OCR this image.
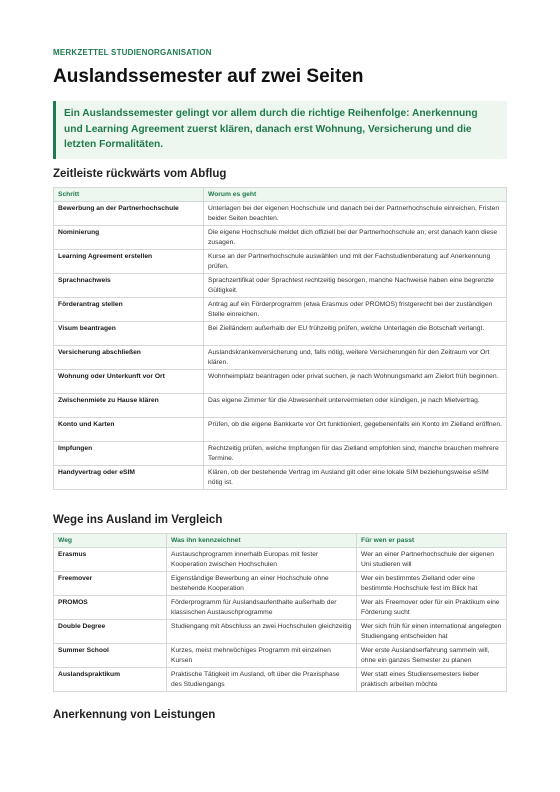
MERKZETTEL STUDIENORGANISATION
Auslandssemester auf zwei Seiten
Ein Auslandssemester gelingt vor allem durch die richtige Reihenfolge: Anerkennung und Learning Agreement zuerst klären, danach erst Wohnung, Versicherung und die letzten Formalitäten.
Zeitleiste rückwärts vom Abflug
Schritt	Worum es geht
Bewerbung an der Partnerhochschule	Unterlagen bei der eigenen Hochschule und danach bei der Partnerhochschule einreichen, Fristen beider Seiten beachten.
Nominierung	Die eigene Hochschule meldet dich offiziell bei der Partnerhochschule an, erst danach kann diese zusagen.
Learning Agreement erstellen	Kurse an der Partnerhochschule auswählen und mit der Fachstudienberatung auf Anerkennung prüfen.
Sprachnachweis	Sprachzertifikat oder Sprachtest rechtzeitig besorgen, manche Nachweise haben eine begrenzte Gültigkeit.
Förderantrag stellen	Antrag auf ein Förderprogramm (etwa Erasmus oder PROMOS) fristgerecht bei der zuständigen Stelle einreichen.
Visum beantragen	Bei Zielländern außerhalb der EU frühzeitig prüfen, welche Unterlagen die Botschaft verlangt.
Versicherung abschließen	Auslandskrankenversicherung und, falls nötig, weitere Versicherungen für den Zeitraum vor Ort klären.
Wohnung oder Unterkunft vor Ort	Wohnheimplatz beantragen oder privat suchen, je nach Wohnungsmarkt am Zielort früh beginnen.
Zwischenmiete zu Hause klären	Das eigene Zimmer für die Abwesenheit untervermieten oder kündigen, je nach Mietvertrag.
Konto und Karten	Prüfen, ob die eigene Bankkarte vor Ort funktioniert, gegebenenfalls ein Konto im Zielland eröffnen.
Impfungen	Rechtzeitig prüfen, welche Impfungen für das Zielland empfohlen sind, manche brauchen mehrere Termine.
Handyvertrag oder eSIM	Klären, ob der bestehende Vertrag im Ausland gilt oder eine lokale SIM beziehungsweise eSIM nötig ist.
Wege ins Ausland im Vergleich
Weg	Was ihn kennzeichnet	Für wen er passt
Erasmus	Austauschprogramm innerhalb Europas mit fester Kooperation zwischen Hochschulen	Wer an einer Partnerhochschule der eigenen Uni studieren will
Freemover	Eigenständige Bewerbung an einer Hochschule ohne bestehende Kooperation	Wer ein bestimmtes Zielland oder eine bestimmte Hochschule fest im Blick hat
PROMOS	Förderprogramm für Auslandsaufenthalte außerhalb der klassischen Austauschprogramme	Wer als Freemover oder für ein Praktikum eine Förderung sucht
Double Degree	Studiengang mit Abschluss an zwei Hochschulen gleichzeitig	Wer sich früh für einen international angelegten Studiengang entscheiden hat
Summer School	Kurzes, meist mehrwöchiges Programm mit einzelnen Kursen	Wer erste Auslandserfahrung sammeln will, ohne ein ganzes Semester zu planen
Auslandspraktikum	Praktische Tätigkeit im Ausland, oft über die Praxisphase des Studiengangs	Wer statt eines Studiensemesters lieber praktisch arbeiten möchte
Anerkennung von Leistungen
